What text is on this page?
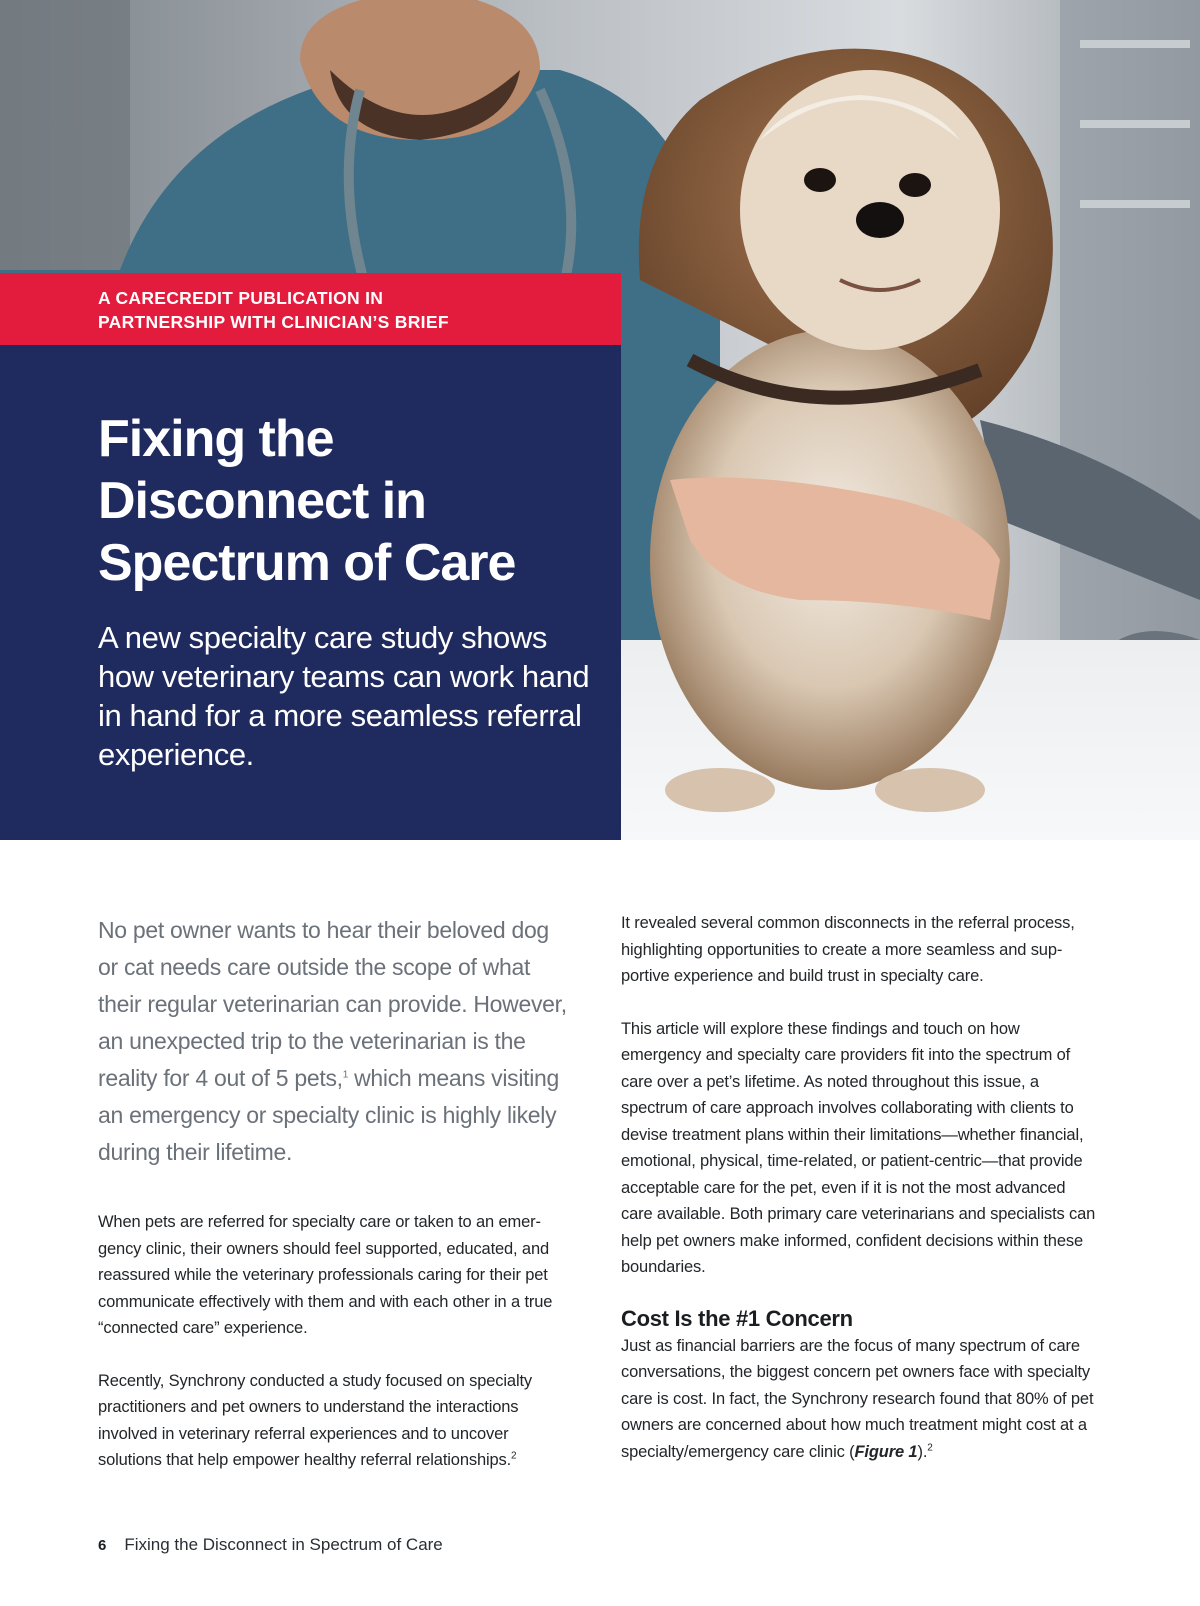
A CARECREDIT PUBLICATION IN

PARTNERSHIP WITH CLINICIAN’S BRIEF

Fixing the
Disconnect in
Spectrum of Care

A new specialty care study shows how veterinary teams can work hand in hand for a more seamless referral experience.

No pet owner wants to hear their beloved dog or cat needs care outside the scope of what their regular veterinarian can provide. However, an unexpected trip to the veterinarian is the reality for 4 out of 5 pets,$^1$ which means visiting an emergency or specialty clinic is highly likely during their lifetime.

When pets are referred for specialty care or taken to an emergency clinic, their owners should feel supported, educated, and reassured while the veterinary professionals caring for their pet communicate effectively with them and with each other in a true “connected care” experience.

Recently, Synchrony conducted a study focused on specialty practitioners and pet owners to understand the interactions involved in veterinary referral experiences and to uncover solutions that help empower healthy referral relationships.$^2$

It revealed several common disconnects in the referral process, highlighting opportunities to create a more seamless and supportive experience and build trust in specialty care.

This article will explore these findings and touch on how emergency and specialty care providers fit into the spectrum of care over a pet’s lifetime. As noted throughout this issue, a spectrum of care approach involves collaborating with clients to devise treatment plans within their limitations—whether financial, emotional, physical, time-related, or patient-centric—that provide acceptable care for the pet, even if it is not the most advanced care available. Both primary care veterinarians and specialists can help pet owners make informed, confident decisions within these boundaries.

Cost Is the #1 Concern

Just as financial barriers are the focus of many spectrum of care conversations, the biggest concern pet owners face with specialty care is cost. In fact, the Synchrony research found that 80% of pet owners are concerned about how much treatment might cost at a specialty/emergency care clinic (Figure 1).$^2$

6 Fixing the Disconnect in Spectrum of Care
